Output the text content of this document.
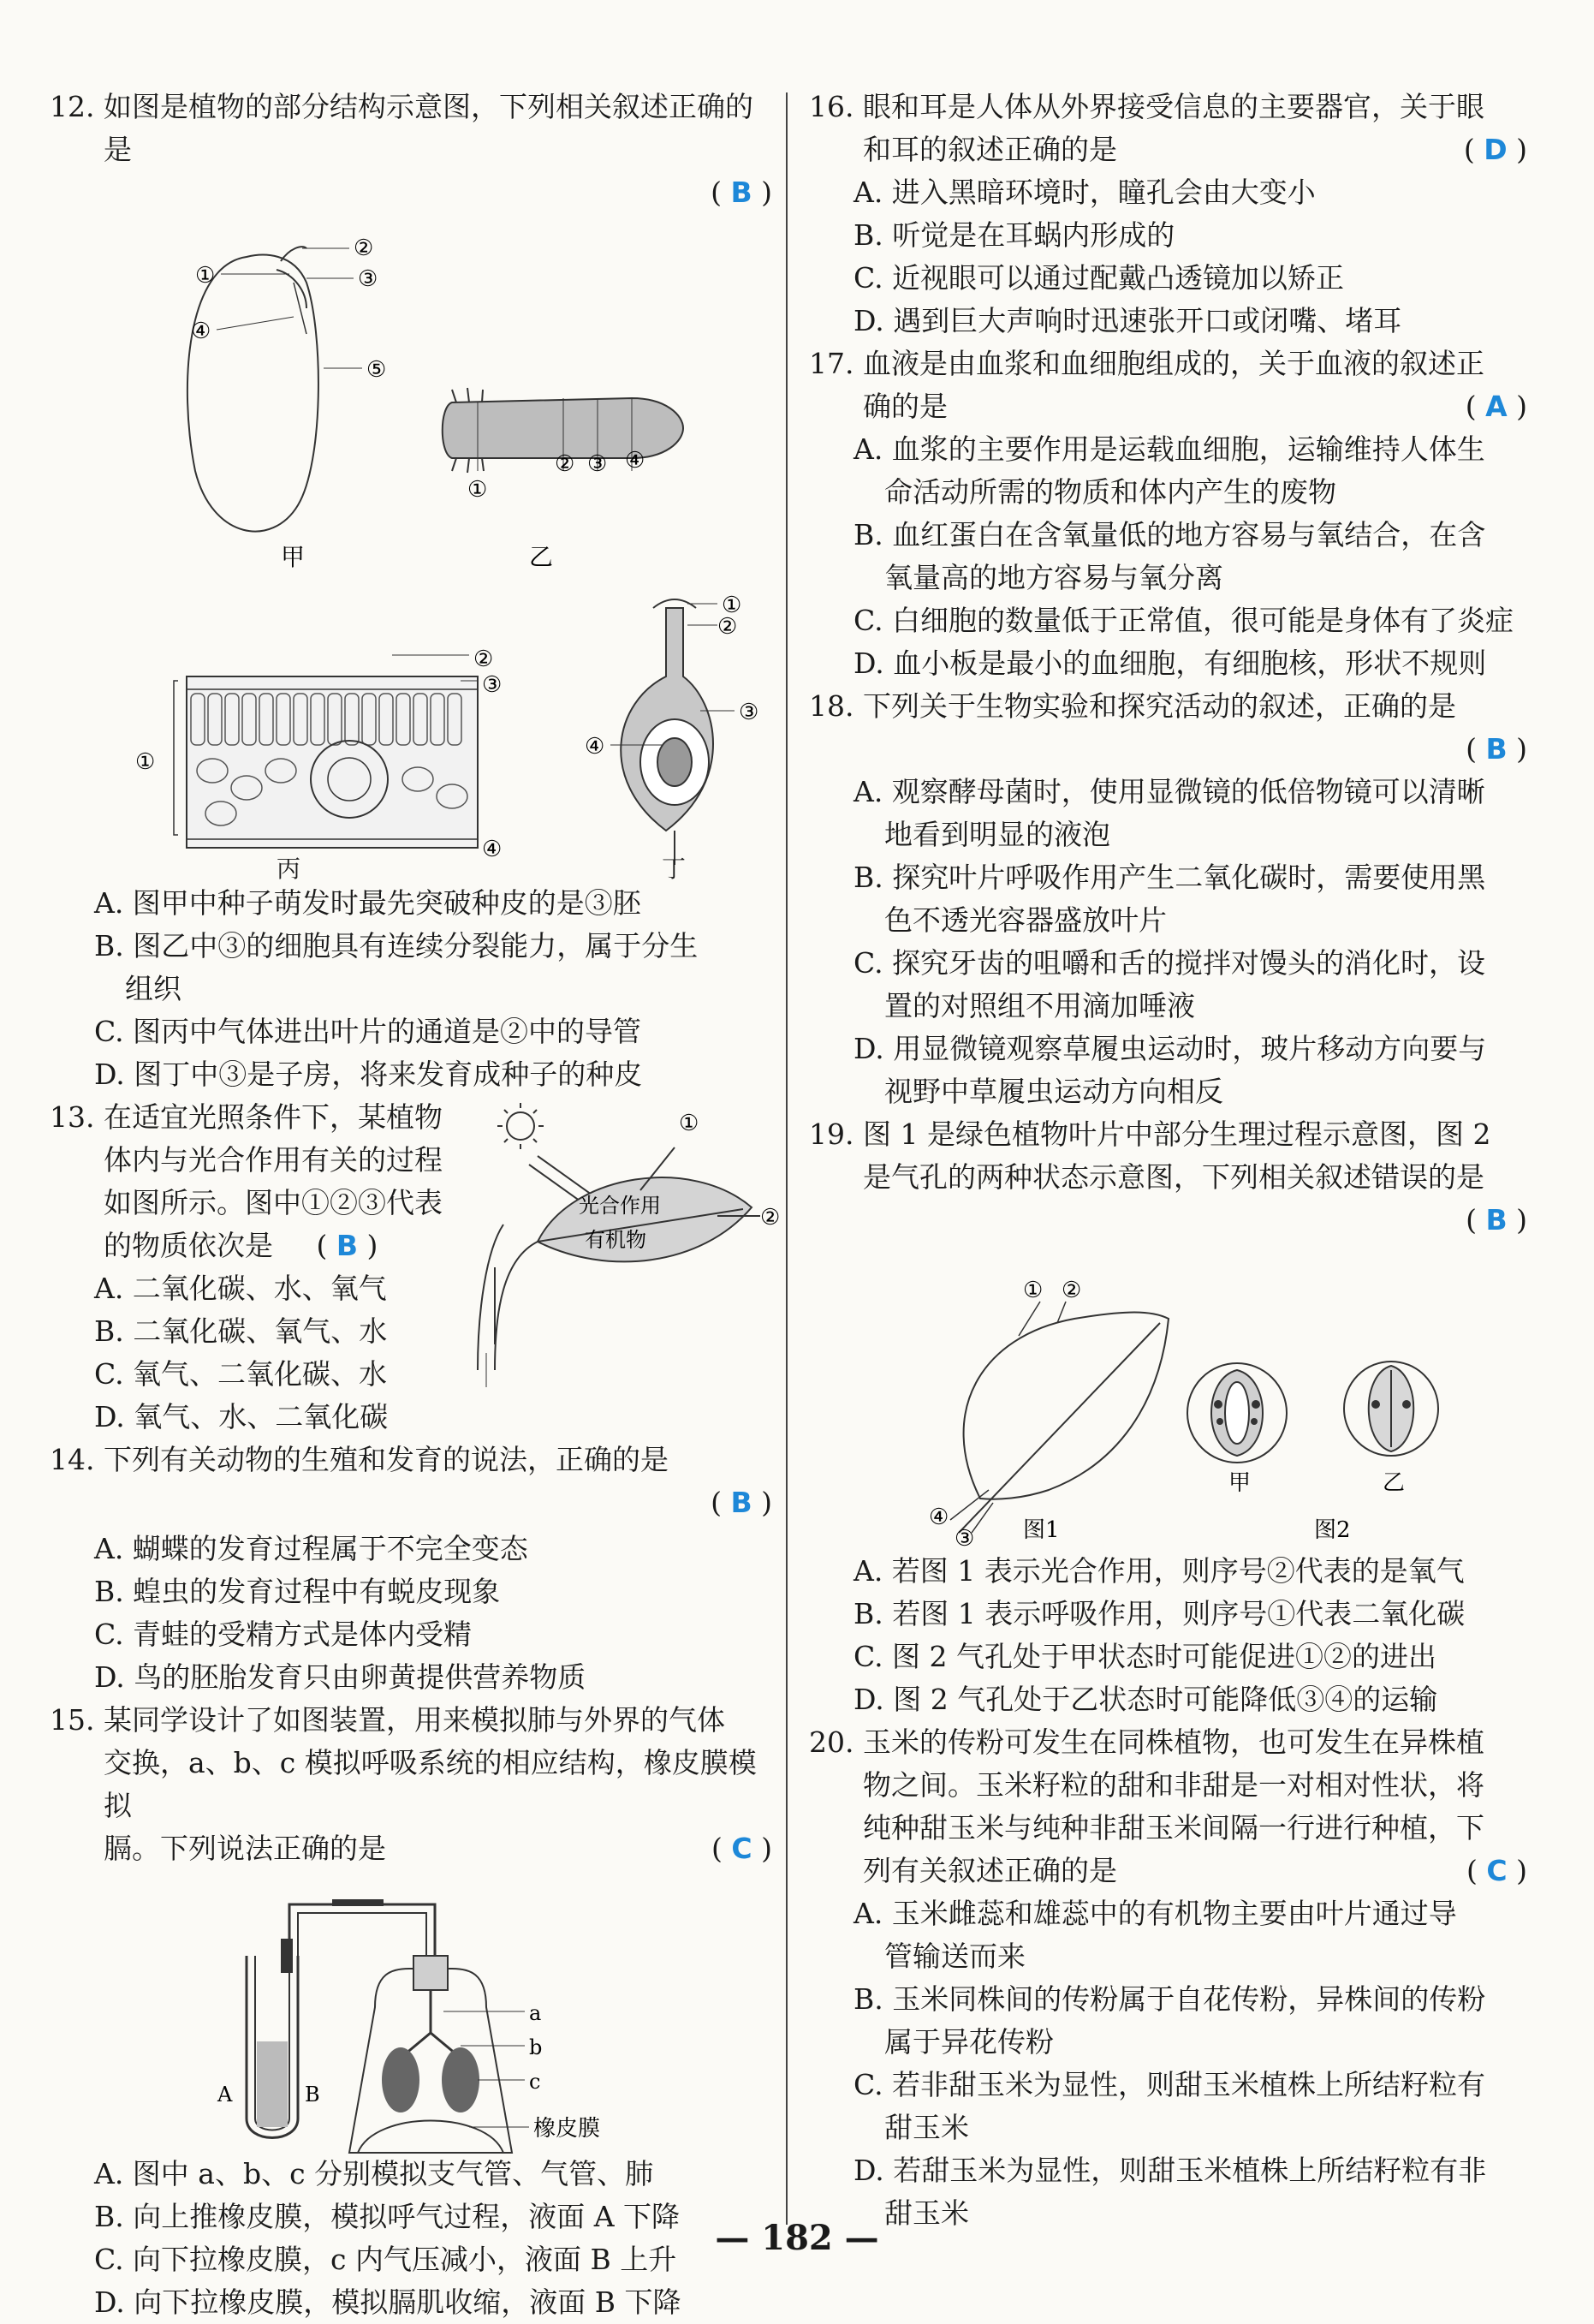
12. 如图是植物的部分结构示意图，下列相关叙述正确的是
( B )
①
②
③
④
⑤
甲
①
② ③ ④
乙
①
②
③
④
①
②
③
④
丙	丁
A. 图甲中种子萌发时最先突破种皮的是③胚
B. 图乙中③的细胞具有连续分裂能力，属于分生
组织
C. 图丙中气体进出叶片的通道是②中的导管
D. 图丁中③是子房，将来发育成种子的种皮
13. 在适宜光照条件下，某植物
体内与光合作用有关的过程
如图所示。图中①②③代表
的物质依次是 ( B )
A. 二氧化碳、水、氧气
B. 二氧化碳、氧气、水
C. 氧气、二氧化碳、水
D. 氧气、水、二氧化碳
光合作用
有机物
①
②
14. 下列有关动物的生殖和发育的说法，正确的是
( B )
A. 蝴蝶的发育过程属于不完全变态
B. 蝗虫的发育过程中有蜕皮现象
C. 青蛙的受精方式是体内受精
D. 鸟的胚胎发育只由卵黄提供营养物质
15. 某同学设计了如图装置，用来模拟肺与外界的气体
交换，a、b、c 模拟呼吸系统的相应结构，橡皮膜模拟
膈。下列说法正确的是	( C )
a
b
c
A	B
橡皮膜
A. 图中 a、b、c 分别模拟支气管、气管、肺
B. 向上推橡皮膜，模拟呼气过程，液面 A 下降
C. 向下拉橡皮膜，c 内气压减小，液面 B 上升
D. 向下拉橡皮膜，模拟膈肌收缩，液面 B 下降
16. 眼和耳是人体从外界接受信息的主要器官，关于眼
和耳的叙述正确的是	( D )
A. 进入黑暗环境时，瞳孔会由大变小
B. 听觉是在耳蜗内形成的
C. 近视眼可以通过配戴凸透镜加以矫正
D. 遇到巨大声响时迅速张开口或闭嘴、堵耳
17. 血液是由血浆和血细胞组成的，关于血液的叙述正
确的是	( A )
A. 血浆的主要作用是运载血细胞，运输维持人体生
命活动所需的物质和体内产生的废物
B. 血红蛋白在含氧量低的地方容易与氧结合，在含
氧量高的地方容易与氧分离
C. 白细胞的数量低于正常值，很可能是身体有了炎症
D. 血小板是最小的血细胞，有细胞核，形状不规则
18. 下列关于生物实验和探究活动的叙述，正确的是
( B )
A. 观察酵母菌时，使用显微镜的低倍物镜可以清晰
地看到明显的液泡
B. 探究叶片呼吸作用产生二氧化碳时，需要使用黑
色不透光容器盛放叶片
C. 探究牙齿的咀嚼和舌的搅拌对馒头的消化时，设
置的对照组不用滴加唾液
D. 用显微镜观察草履虫运动时，玻片移动方向要与
视野中草履虫运动方向相反
19. 图 1 是绿色植物叶片中部分生理过程示意图，图 2
是气孔的两种状态示意图，下列相关叙述错误的是
( B )
① ②
④
③
甲	乙
图1	图2
A. 若图 1 表示光合作用，则序号②代表的是氧气
B. 若图 1 表示呼吸作用，则序号①代表二氧化碳
C. 图 2 气孔处于甲状态时可能促进①②的进出
D. 图 2 气孔处于乙状态时可能降低③④的运输
20. 玉米的传粉可发生在同株植物，也可发生在异株植
物之间。玉米籽粒的甜和非甜是一对相对性状，将
纯种甜玉米与纯种非甜玉米间隔一行进行种植，下
列有关叙述正确的是	( C )
A. 玉米雌蕊和雄蕊中的有机物主要由叶片通过导
管输送而来
B. 玉米同株间的传粉属于自花传粉，异株间的传粉
属于异花传粉
C. 若非甜玉米为显性，则甜玉米植株上所结籽粒有
甜玉米
D. 若甜玉米为显性，则甜玉米植株上所结籽粒有非
甜玉米
— 182 —
